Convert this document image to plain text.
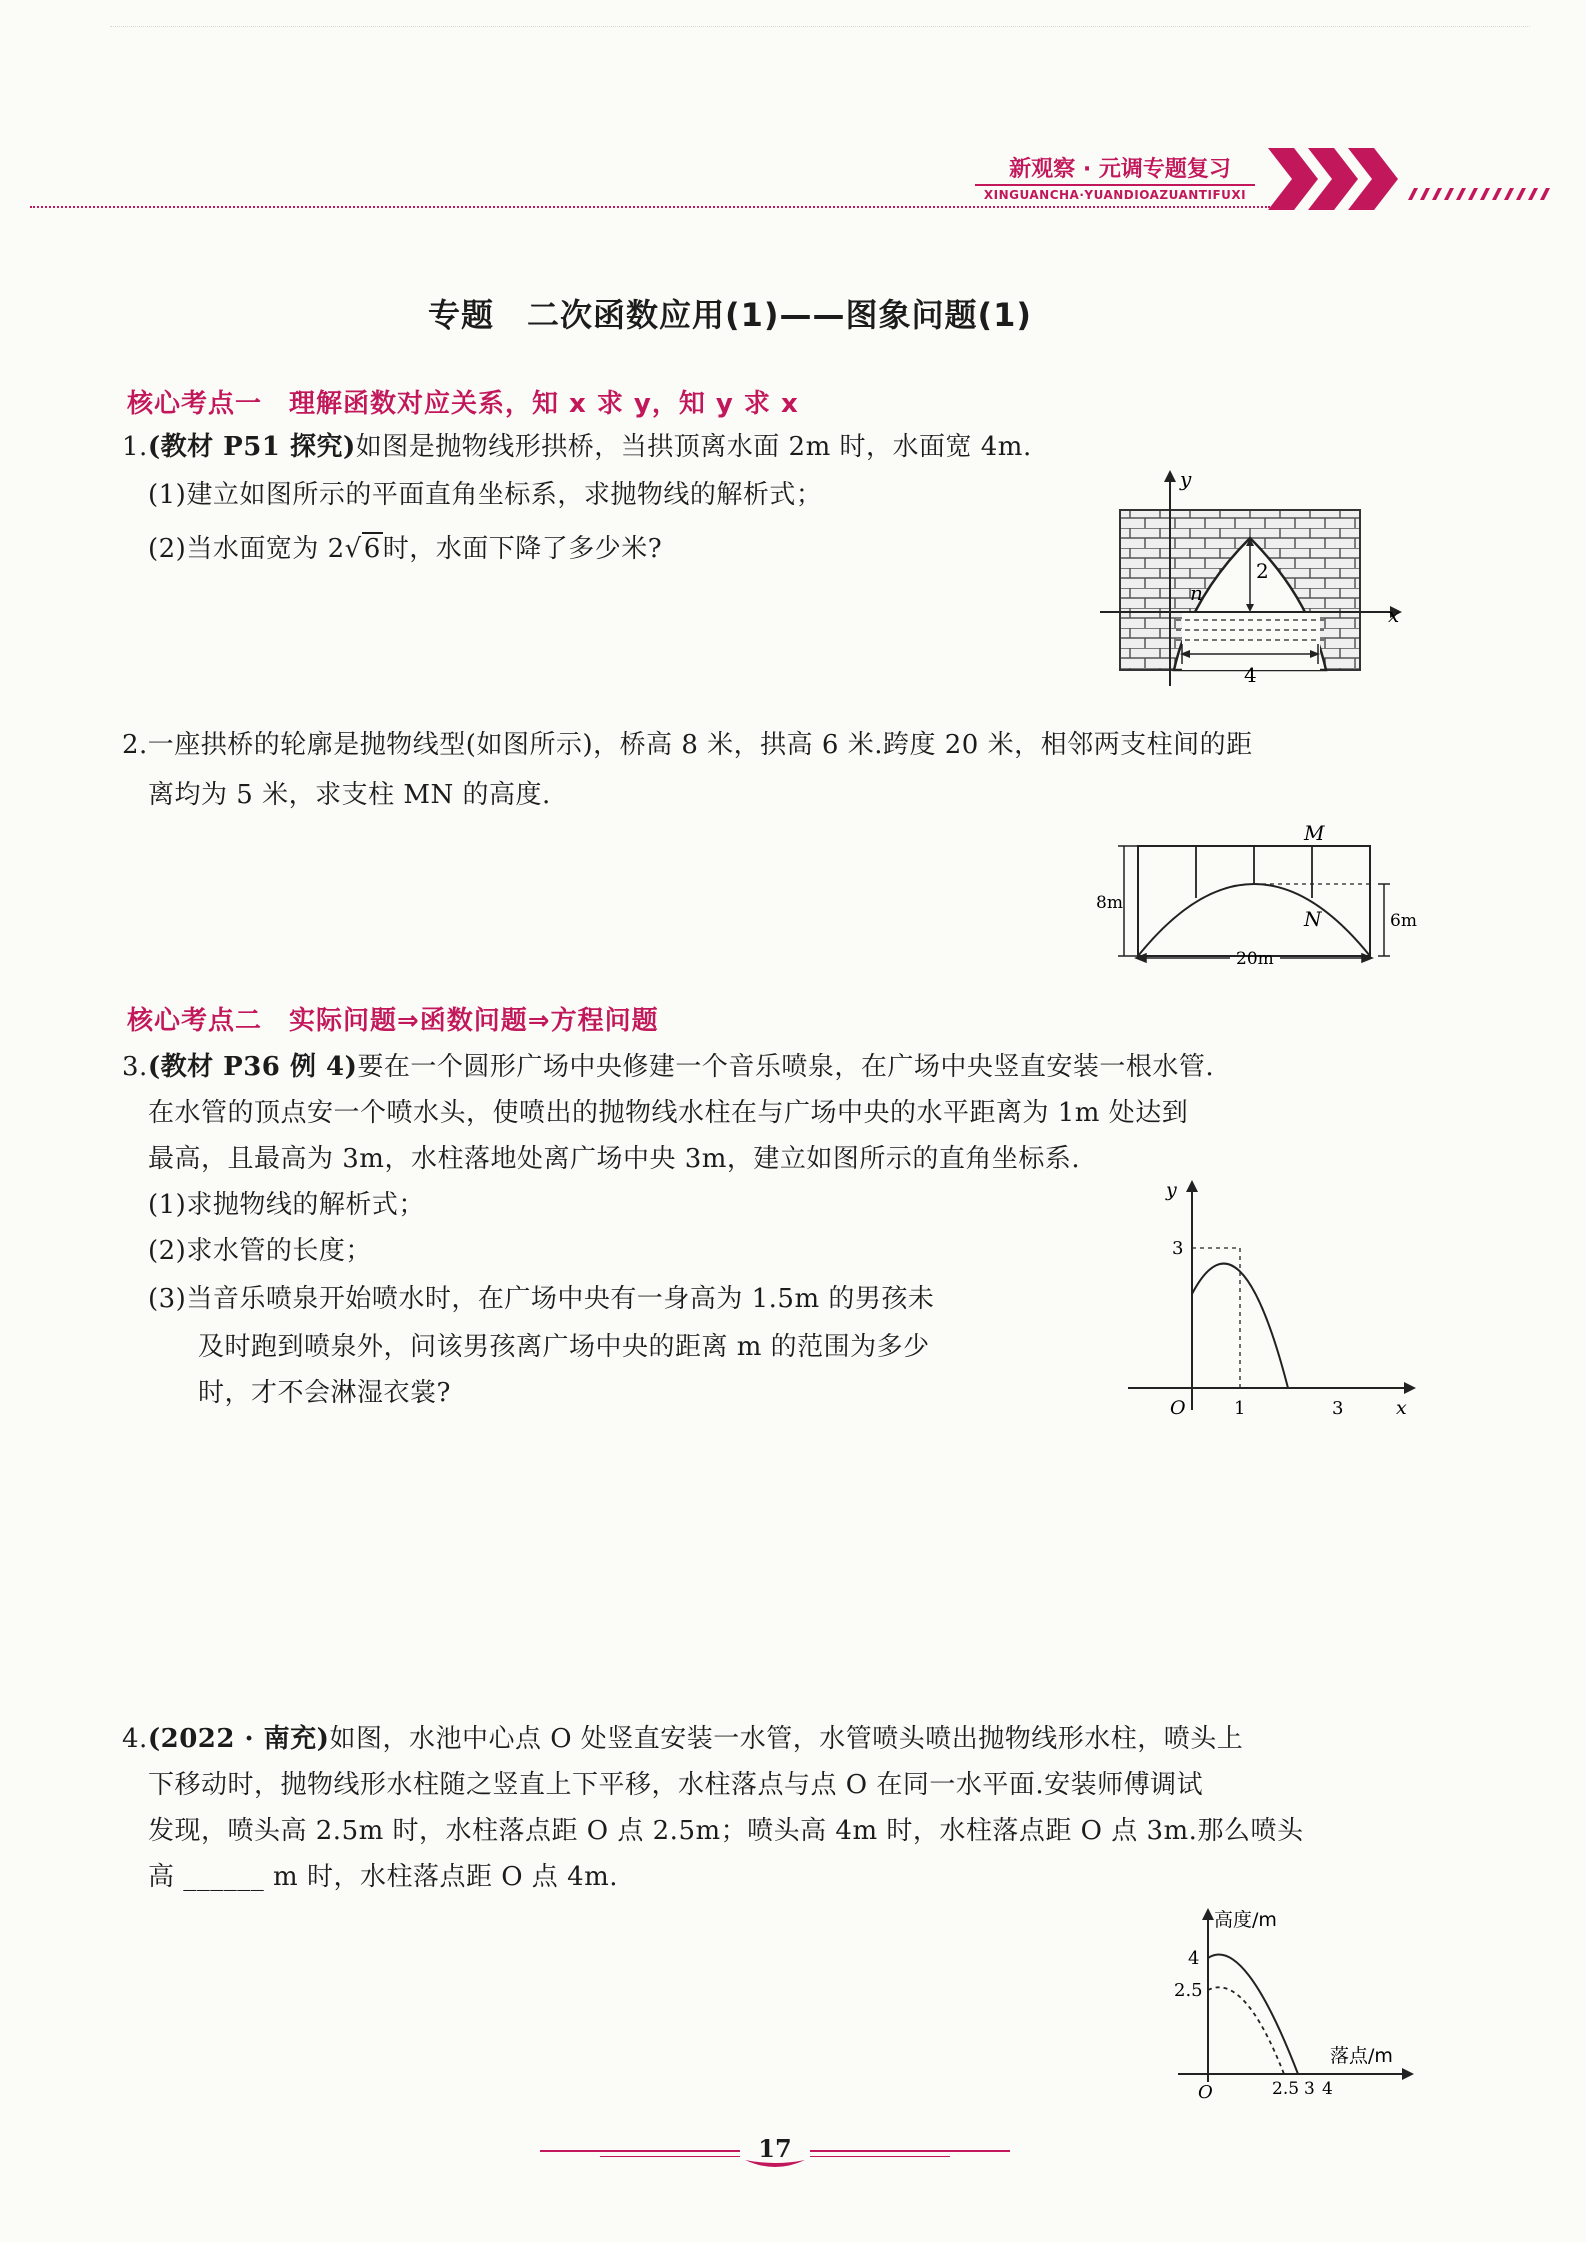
新观察 · 元调专题复习
XINGUANCHA·YUANDIOAZUANTIFUXI
专题　二次函数应用(1)——图象问题(1)
核心考点一　理解函数对应关系，知 x 求 y，知 y 求 x
1.(教材 P51 探究)如图是抛物线形拱桥，当拱顶离水面 2m 时，水面宽 4m.
(1)建立如图所示的平面直角坐标系，求抛物线的解析式；
(2)当水面宽为 2√6时，水面下降了多少米?
y
x
n
2
4
2.一座拱桥的轮廓是抛物线型(如图所示)，桥高 8 米，拱高 6 米.跨度 20 米，相邻两支柱间的距
离均为 5 米，求支柱 MN 的高度.
M
N
8m
6m
20m
核心考点二　实际问题⇒函数问题⇒方程问题
3.(教材 P36 例 4)要在一个圆形广场中央修建一个音乐喷泉，在广场中央竖直安装一根水管.
在水管的顶点安一个喷水头，使喷出的抛物线水柱在与广场中央的水平距离为 1m 处达到
最高，且最高为 3m，水柱落地处离广场中央 3m，建立如图所示的直角坐标系.
(1)求抛物线的解析式；
(2)求水管的长度；
(3)当音乐喷泉开始喷水时，在广场中央有一身高为 1.5m 的男孩未
及时跑到喷泉外，问该男孩离广场中央的距离 m 的范围为多少
时，才不会淋湿衣裳?
y
x
O
3
1	3
4.(2022 · 南充)如图，水池中心点 O 处竖直安装一水管，水管喷头喷出抛物线形水柱，喷头上
下移动时，抛物线形水柱随之竖直上下平移，水柱落点与点 O 在同一水平面.安装师傅调试
发现，喷头高 2.5m 时，水柱落点距 O 点 2.5m；喷头高 4m 时，水柱落点距 O 点 3m.那么喷头
高 ______ m 时，水柱落点距 O 点 4m.
高度/m
落点/m
4
2.5
O	2.5 3 4
17
